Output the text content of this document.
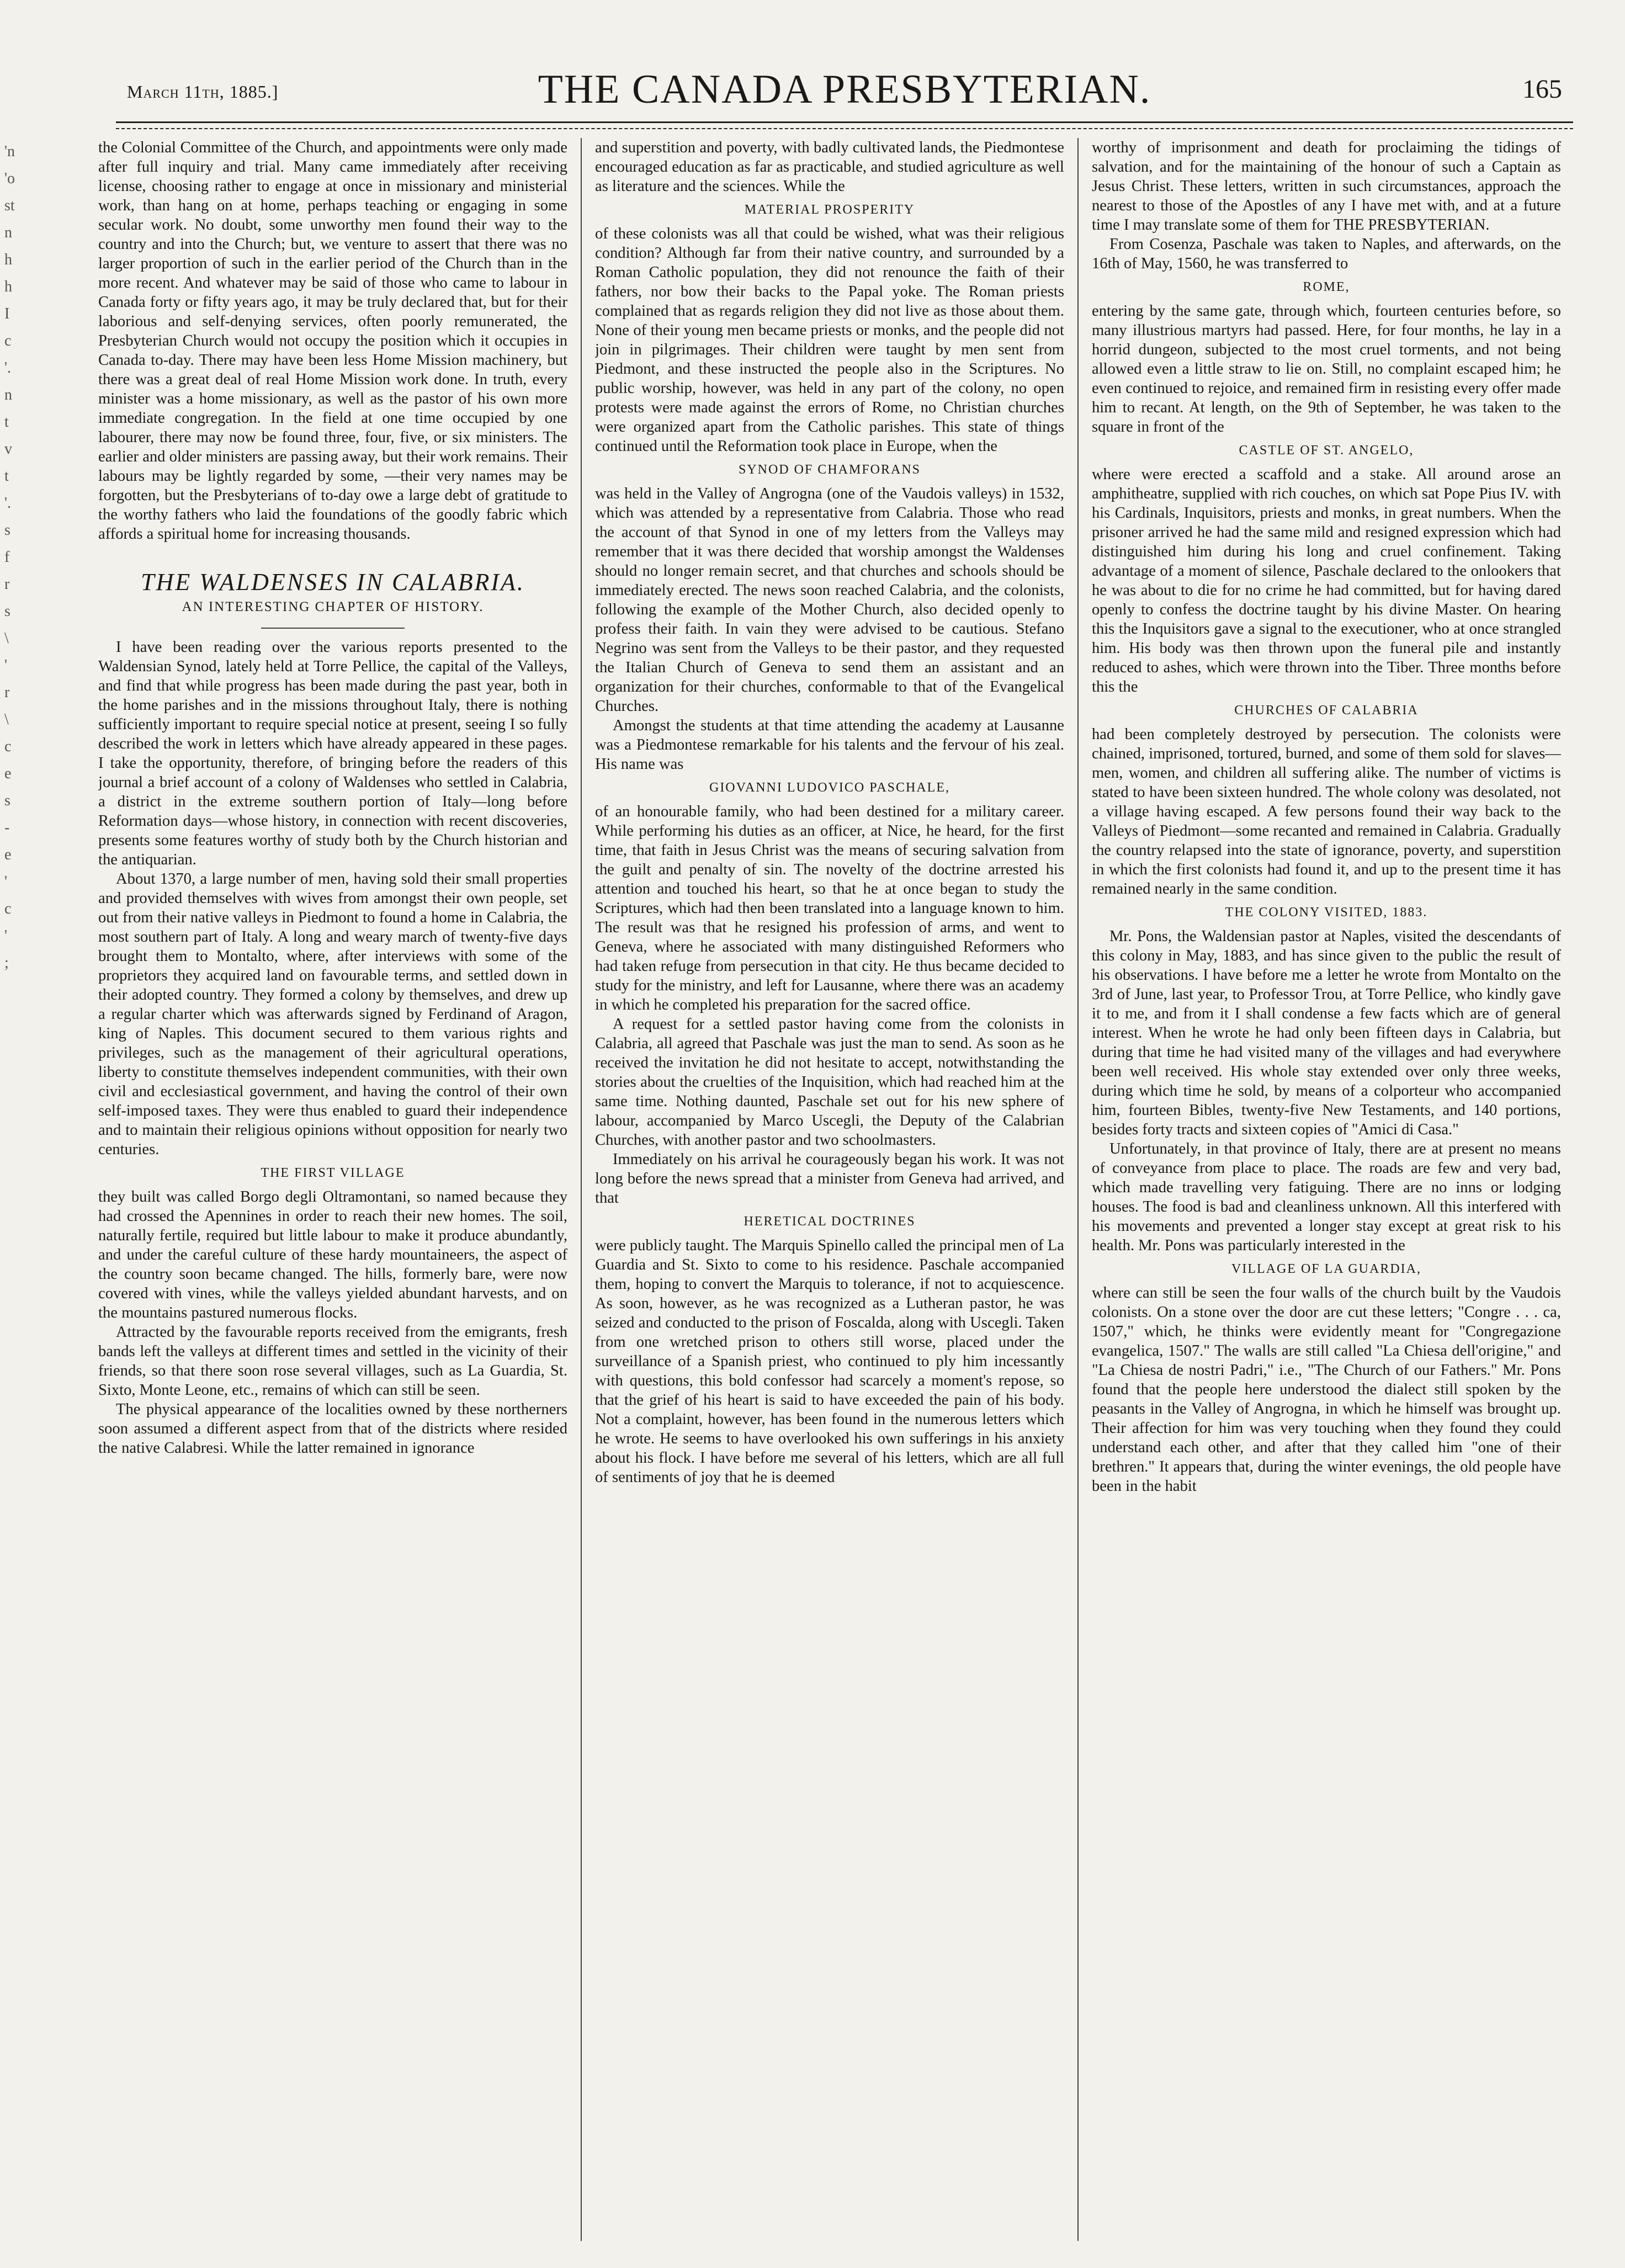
March 11th, 1885.]	THE CANADA PRESBYTERIAN.	165
'n
'o
st
n
h
h
I
c
'.
n
t
v
t
'.
s
f
r
s
\
'
r
\
c
e
s
-
e
'
c
'
;

the Colonial Committee of the Church, and appointments were only made after full inquiry and trial. Many came immediately after receiving license, choosing rather to engage at once in missionary and ministerial work, than hang on at home, perhaps teaching or engaging in some secular work. No doubt, some unworthy men found their way to the country and into the Church; but, we venture to assert that there was no larger proportion of such in the earlier period of the Church than in the more recent. And whatever may be said of those who came to labour in Canada forty or fifty years ago, it may be truly declared that, but for their laborious and self-denying services, often poorly remunerated, the Presbyterian Church would not occupy the position which it occupies in Canada to-day. There may have been less Home Mission machinery, but there was a great deal of real Home Mission work done. In truth, every minister was a home missionary, as well as the pastor of his own more immediate congregation. In the field at one time occupied by one labourer, there may now be found three, four, five, or six ministers. The earlier and older ministers are passing away, but their work remains. Their labours may be lightly regarded by some, —their very names may be forgotten, but the Presbyterians of to-day owe a large debt of gratitude to the worthy fathers who laid the foundations of the goodly fabric which affords a spiritual home for increasing thousands.

THE WALDENSES IN CALABRIA.
AN INTERESTING CHAPTER OF HISTORY.

I have been reading over the various reports presented to the Waldensian Synod, lately held at Torre Pellice, the capital of the Valleys, and find that while progress has been made during the past year, both in the home parishes and in the missions throughout Italy, there is nothing sufficiently important to require special notice at present, seeing I so fully described the work in letters which have already appeared in these pages. I take the opportunity, therefore, of bringing before the readers of this journal a brief account of a colony of Waldenses who settled in Calabria, a district in the extreme southern portion of Italy—long before Reformation days—whose history, in connection with recent discoveries, presents some features worthy of study both by the Church historian and the antiquarian.

About 1370, a large number of men, having sold their small properties and provided themselves with wives from amongst their own people, set out from their native valleys in Piedmont to found a home in Calabria, the most southern part of Italy. A long and weary march of twenty-five days brought them to Montalto, where, after interviews with some of the proprietors they acquired land on favourable terms, and settled down in their adopted country. They formed a colony by themselves, and drew up a regular charter which was afterwards signed by Ferdinand of Aragon, king of Naples. This document secured to them various rights and privileges, such as the management of their agricultural operations, liberty to constitute themselves independent communities, with their own civil and ecclesiastical government, and having the control of their own self-imposed taxes. They were thus enabled to guard their independence and to maintain their religious opinions without opposition for nearly two centuries.

THE FIRST VILLAGE

they built was called Borgo degli Oltramontani, so named because they had crossed the Apennines in order to reach their new homes. The soil, naturally fertile, required but little labour to make it produce abundantly, and under the careful culture of these hardy mountaineers, the aspect of the country soon became changed. The hills, formerly bare, were now covered with vines, while the valleys yielded abundant harvests, and on the mountains pastured numerous flocks.

Attracted by the favourable reports received from the emigrants, fresh bands left the valleys at different times and settled in the vicinity of their friends, so that there soon rose several villages, such as La Guardia, St. Sixto, Monte Leone, etc., remains of which can still be seen.

The physical appearance of the localities owned by these northerners soon assumed a different aspect from that of the districts where resided the native Calabresi. While the latter remained in ignorance

and superstition and poverty, with badly cultivated lands, the Piedmontese encouraged education as far as practicable, and studied agriculture as well as literature and the sciences. While the

MATERIAL PROSPERITY

of these colonists was all that could be wished, what was their religious condition? Although far from their native country, and surrounded by a Roman Catholic population, they did not renounce the faith of their fathers, nor bow their backs to the Papal yoke. The Roman priests complained that as regards religion they did not live as those about them. None of their young men became priests or monks, and the people did not join in pilgrimages. Their children were taught by men sent from Piedmont, and these instructed the people also in the Scriptures. No public worship, however, was held in any part of the colony, no open protests were made against the errors of Rome, no Christian churches were organized apart from the Catholic parishes. This state of things continued until the Reformation took place in Europe, when the

SYNOD OF CHAMFORANS

was held in the Valley of Angrogna (one of the Vaudois valleys) in 1532, which was attended by a representative from Calabria. Those who read the account of that Synod in one of my letters from the Valleys may remember that it was there decided that worship amongst the Waldenses should no longer remain secret, and that churches and schools should be immediately erected. The news soon reached Calabria, and the colonists, following the example of the Mother Church, also decided openly to profess their faith. In vain they were advised to be cautious. Stefano Negrino was sent from the Valleys to be their pastor, and they requested the Italian Church of Geneva to send them an assistant and an organization for their churches, conformable to that of the Evangelical Churches.

Amongst the students at that time attending the academy at Lausanne was a Piedmontese remarkable for his talents and the fervour of his zeal. His name was

GIOVANNI LUDOVICO PASCHALE,

of an honourable family, who had been destined for a military career. While performing his duties as an officer, at Nice, he heard, for the first time, that faith in Jesus Christ was the means of securing salvation from the guilt and penalty of sin. The novelty of the doctrine arrested his attention and touched his heart, so that he at once began to study the Scriptures, which had then been translated into a language known to him. The result was that he resigned his profession of arms, and went to Geneva, where he associated with many distinguished Reformers who had taken refuge from persecution in that city. He thus became decided to study for the ministry, and left for Lausanne, where there was an academy in which he completed his preparation for the sacred office.

A request for a settled pastor having come from the colonists in Calabria, all agreed that Paschale was just the man to send. As soon as he received the invitation he did not hesitate to accept, notwithstanding the stories about the cruelties of the Inquisition, which had reached him at the same time. Nothing daunted, Paschale set out for his new sphere of labour, accompanied by Marco Uscegli, the Deputy of the Calabrian Churches, with another pastor and two schoolmasters.

Immediately on his arrival he courageously began his work. It was not long before the news spread that a minister from Geneva had arrived, and that

HERETICAL DOCTRINES

were publicly taught. The Marquis Spinello called the principal men of La Guardia and St. Sixto to come to his residence. Paschale accompanied them, hoping to convert the Marquis to tolerance, if not to acquiescence. As soon, however, as he was recognized as a Lutheran pastor, he was seized and conducted to the prison of Foscalda, along with Uscegli. Taken from one wretched prison to others still worse, placed under the surveillance of a Spanish priest, who continued to ply him incessantly with questions, this bold confessor had scarcely a moment's repose, so that the grief of his heart is said to have exceeded the pain of his body. Not a complaint, however, has been found in the numerous letters which he wrote. He seems to have overlooked his own sufferings in his anxiety about his flock. I have before me several of his letters, which are all full of sentiments of joy that he is deemed

worthy of imprisonment and death for proclaiming the tidings of salvation, and for the maintaining of the honour of such a Captain as Jesus Christ. These letters, written in such circumstances, approach the nearest to those of the Apostles of any I have met with, and at a future time I may translate some of them for THE PRESBYTERIAN.

From Cosenza, Paschale was taken to Naples, and afterwards, on the 16th of May, 1560, he was transferred to

ROME,

entering by the same gate, through which, fourteen centuries before, so many illustrious martyrs had passed. Here, for four months, he lay in a horrid dungeon, subjected to the most cruel torments, and not being allowed even a little straw to lie on. Still, no complaint escaped him; he even continued to rejoice, and remained firm in resisting every offer made him to recant. At length, on the 9th of September, he was taken to the square in front of the

CASTLE OF ST. ANGELO,

where were erected a scaffold and a stake. All around arose an amphitheatre, supplied with rich couches, on which sat Pope Pius IV. with his Cardinals, Inquisitors, priests and monks, in great numbers. When the prisoner arrived he had the same mild and resigned expression which had distinguished him during his long and cruel confinement. Taking advantage of a moment of silence, Paschale declared to the onlookers that he was about to die for no crime he had committed, but for having dared openly to confess the doctrine taught by his divine Master. On hearing this the Inquisitors gave a signal to the executioner, who at once strangled him. His body was then thrown upon the funeral pile and instantly reduced to ashes, which were thrown into the Tiber. Three months before this the

CHURCHES OF CALABRIA

had been completely destroyed by persecution. The colonists were chained, imprisoned, tortured, burned, and some of them sold for slaves—men, women, and children all suffering alike. The number of victims is stated to have been sixteen hundred. The whole colony was desolated, not a village having escaped. A few persons found their way back to the Valleys of Piedmont—some recanted and remained in Calabria. Gradually the country relapsed into the state of ignorance, poverty, and superstition in which the first colonists had found it, and up to the present time it has remained nearly in the same condition.

THE COLONY VISITED, 1883.

Mr. Pons, the Waldensian pastor at Naples, visited the descendants of this colony in May, 1883, and has since given to the public the result of his observations. I have before me a letter he wrote from Montalto on the 3rd of June, last year, to Professor Trou, at Torre Pellice, who kindly gave it to me, and from it I shall condense a few facts which are of general interest. When he wrote he had only been fifteen days in Calabria, but during that time he had visited many of the villages and had everywhere been well received. His whole stay extended over only three weeks, during which time he sold, by means of a colporteur who accompanied him, fourteen Bibles, twenty-five New Testaments, and 140 portions, besides forty tracts and sixteen copies of "Amici di Casa."

Unfortunately, in that province of Italy, there are at present no means of conveyance from place to place. The roads are few and very bad, which made travelling very fatiguing. There are no inns or lodging houses. The food is bad and cleanliness unknown. All this interfered with his movements and prevented a longer stay except at great risk to his health. Mr. Pons was particularly interested in the

VILLAGE OF LA GUARDIA,

where can still be seen the four walls of the church built by the Vaudois colonists. On a stone over the door are cut these letters; "Congre . . . ca, 1507," which, he thinks were evidently meant for "Congregazione evangelica, 1507." The walls are still called "La Chiesa dell'origine," and "La Chiesa de nostri Padri," i.e., "The Church of our Fathers." Mr. Pons found that the people here understood the dialect still spoken by the peasants in the Valley of Angrogna, in which he himself was brought up. Their affection for him was very touching when they found they could understand each other, and after that they called him "one of their brethren." It appears that, during the winter evenings, the old people have been in the habit
